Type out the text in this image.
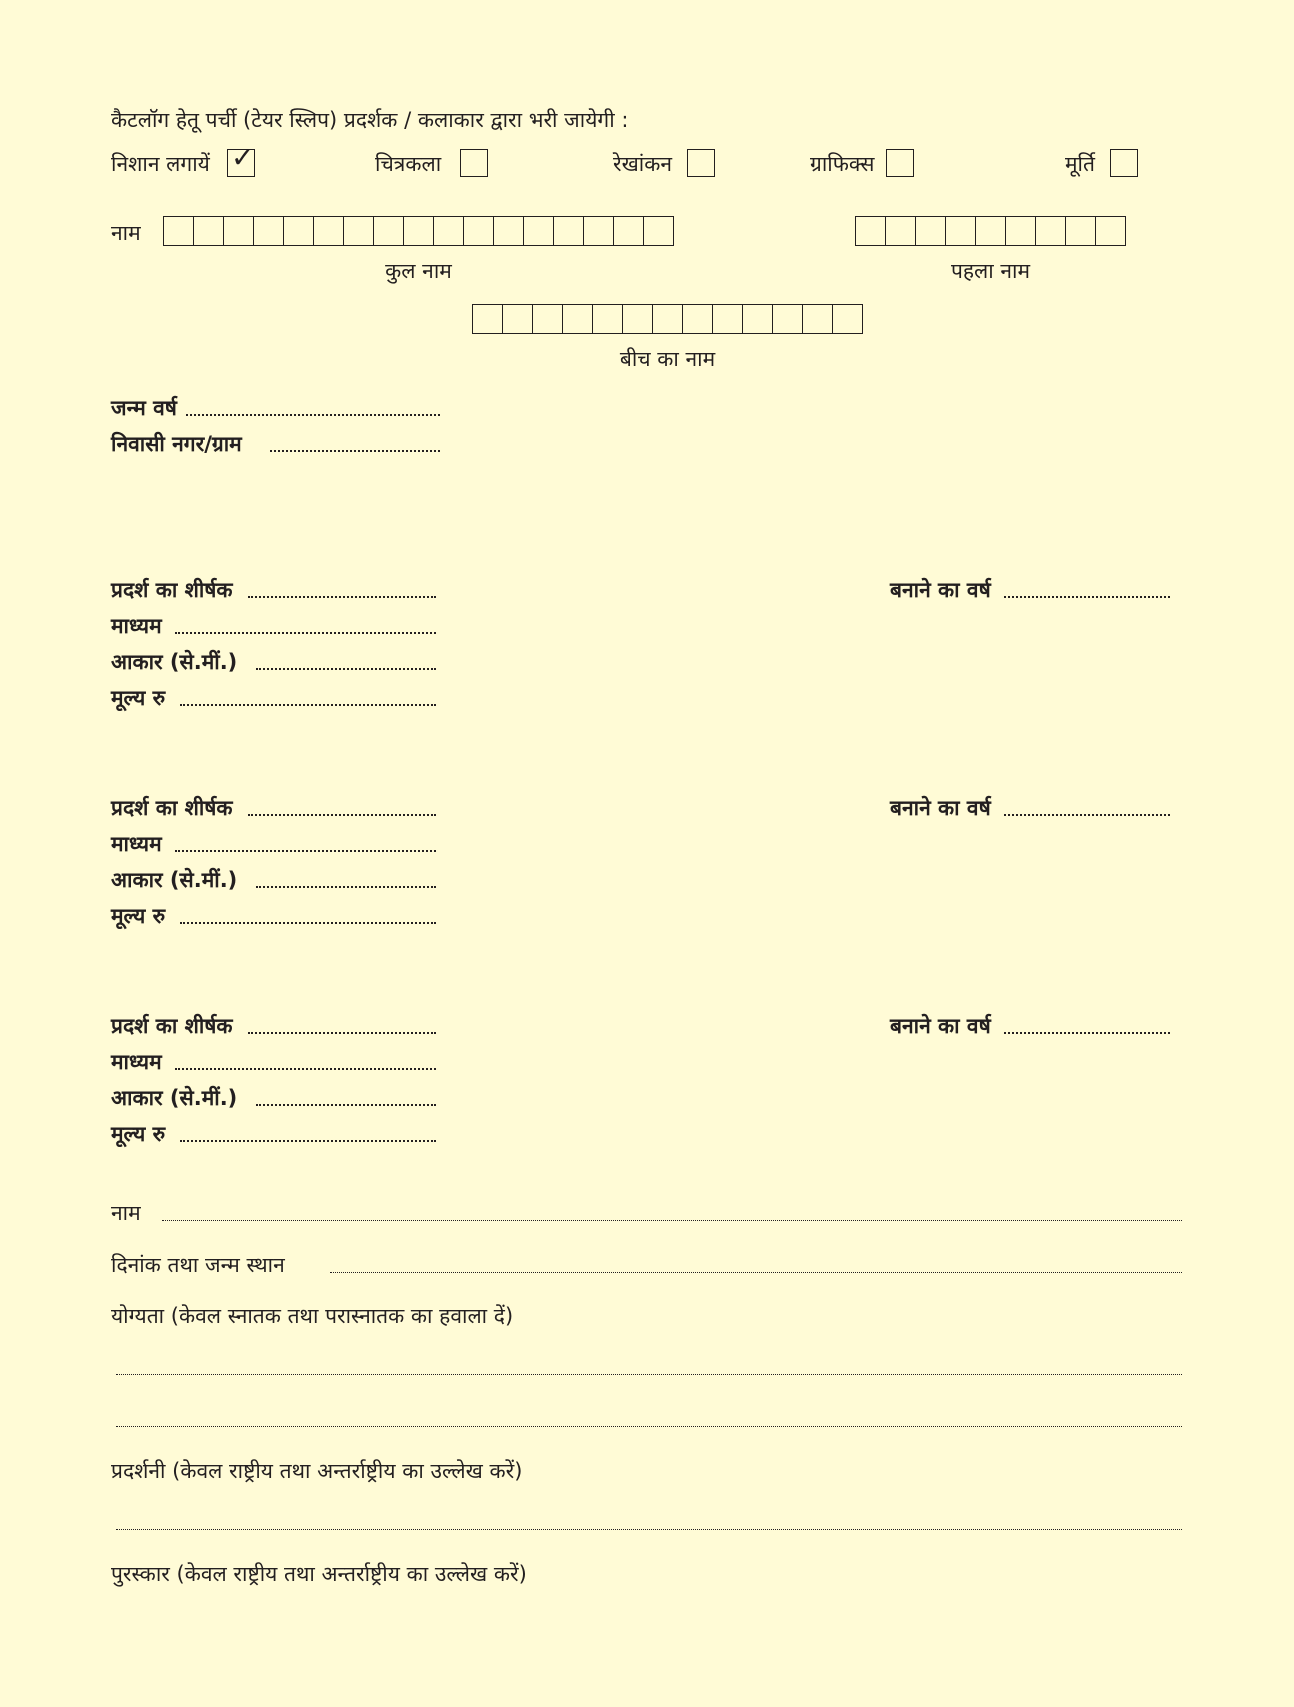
कैटलॉग हेतू पर्ची (टेयर स्लिप) प्रदर्शक / कलाकार द्वारा भरी जायेगी :
निशान लगायें ✓	चित्रकला	रेखांकन	ग्राफिक्स	मूर्ति
नाम
कुल नाम	पहला नाम
बीच का नाम
जन्म वर्ष
निवासी नगर/ग्राम
प्रदर्श का शीर्षक	बनाने का वर्ष
माध्यम
आकार (से.मीं.)
मूल्य रु
प्रदर्श का शीर्षक	बनाने का वर्ष
माध्यम
आकार (से.मीं.)
मूल्य रु
प्रदर्श का शीर्षक	बनाने का वर्ष
माध्यम
आकार (से.मीं.)
मूल्य रु
नाम
दिनांक तथा जन्म स्थान
योग्यता (केवल स्नातक तथा परास्नातक का हवाला दें)
प्रदर्शनी (केवल राष्ट्रीय तथा अन्तर्राष्ट्रीय का उल्लेख करें)
पुरस्कार (केवल राष्ट्रीय तथा अन्तर्राष्ट्रीय का उल्लेख करें)
